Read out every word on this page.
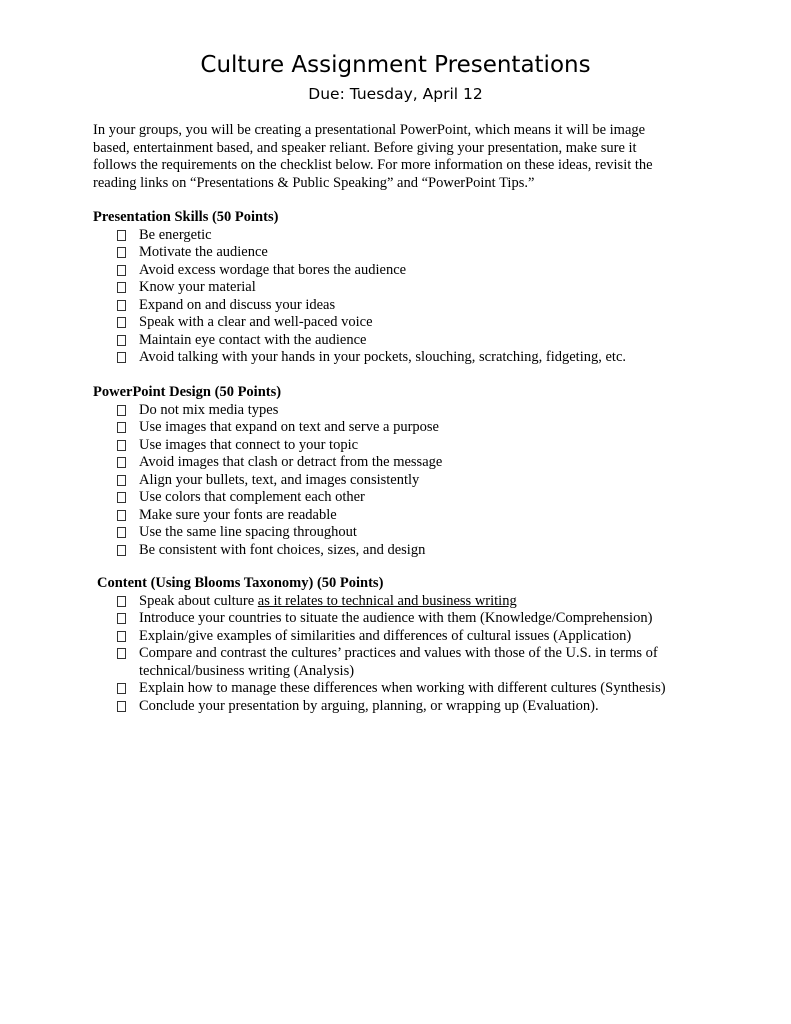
Culture Assignment Presentations

Due: Tuesday, April 12

In your groups, you will be creating a presentational PowerPoint, which means it will be image
based, entertainment based, and speaker reliant. Before giving your presentation, make sure it
follows the requirements on the checklist below. For more information on these ideas, revisit the
reading links on “Presentations & Public Speaking” and “PowerPoint Tips.”

Presentation Skills (50 Points)

Be energetic
Motivate the audience
Avoid excess wordage that bores the audience
Know your material
Expand on and discuss your ideas
Speak with a clear and well-paced voice
Maintain eye contact with the audience
Avoid talking with your hands in your pockets, slouching, scratching, fidgeting, etc.

PowerPoint Design (50 Points)

Do not mix media types
Use images that expand on text and serve a purpose
Use images that connect to your topic
Avoid images that clash or detract from the message
Align your bullets, text, and images consistently
Use colors that complement each other
Make sure your fonts are readable
Use the same line spacing throughout
Be consistent with font choices, sizes, and design

Content (Using Blooms Taxonomy) (50 Points)

Speak about culture as it relates to technical and business writing
Introduce your countries to situate the audience with them (Knowledge/Comprehension)
Explain/give examples of similarities and differences of cultural issues (Application)
Compare and contrast the cultures’ practices and values with those of the U.S. in terms of
technical/business writing (Analysis)
Explain how to manage these differences when working with different cultures (Synthesis)
Conclude your presentation by arguing, planning, or wrapping up (Evaluation).
